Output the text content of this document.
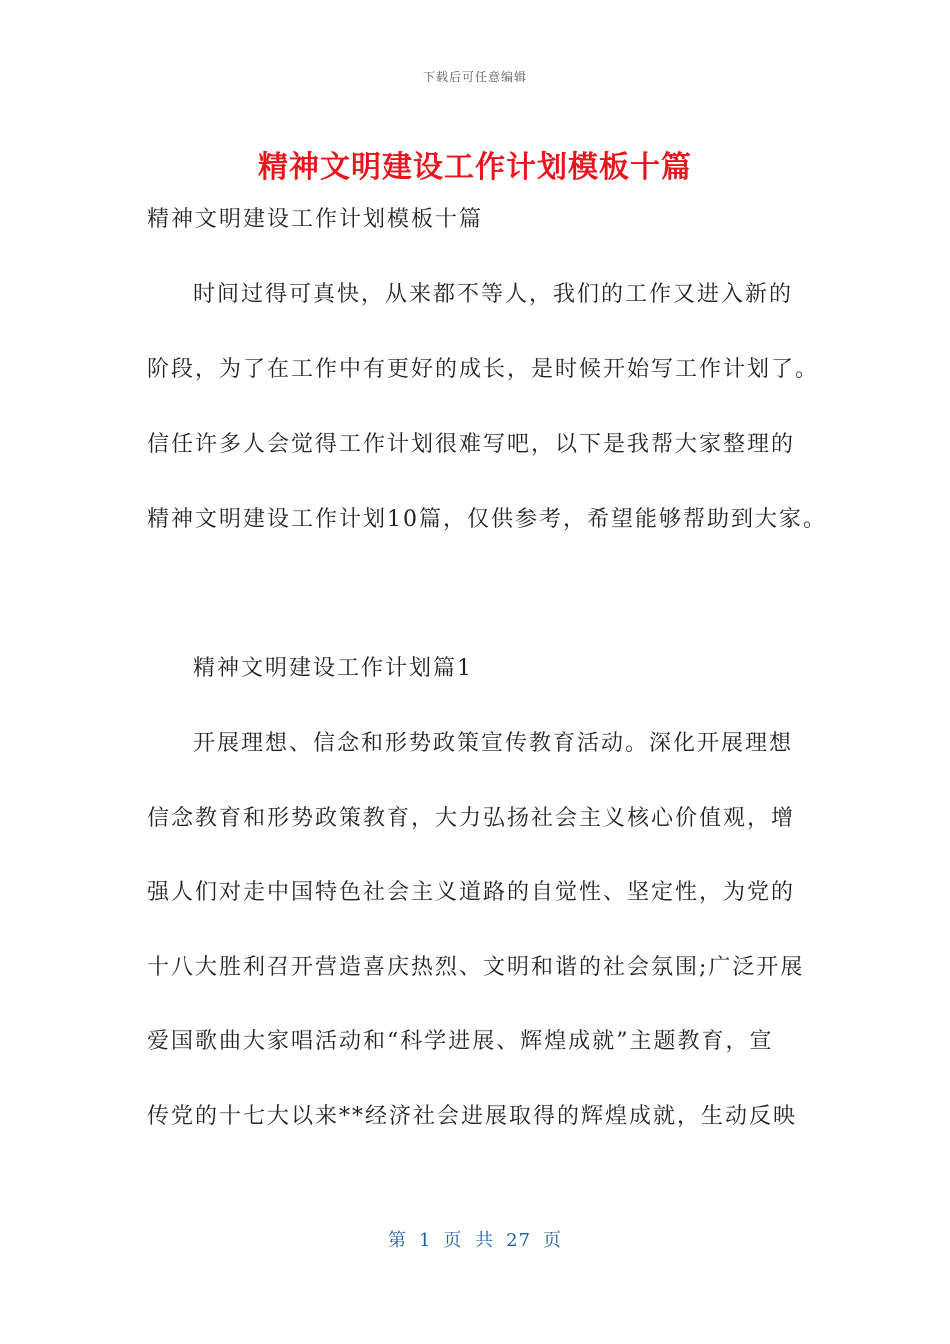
下载后可任意编辑
精神文明建设工作计划模板十篇
精神文明建设工作计划模板十篇
时间过得可真快，从来都不等人，我们的工作又进入新的
阶段，为了在工作中有更好的成长，是时候开始写工作计划了。
信任许多人会觉得工作计划很难写吧，以下是我帮大家整理的
精神文明建设工作计划10篇，仅供参考，希望能够帮助到大家。
精神文明建设工作计划篇1
开展理想、信念和形势政策宣传教育活动。深化开展理想
信念教育和形势政策教育，大力弘扬社会主义核心价值观，增
强人们对走中国特色社会主义道路的自觉性、坚定性，为党的
十八大胜利召开营造喜庆热烈、文明和谐的社会氛围;广泛开展
爱国歌曲大家唱活动和“科学进展、辉煌成就”主题教育，宣
传党的十七大以来**经济社会进展取得的辉煌成就，生动反映
第 1 页 共 27 页
